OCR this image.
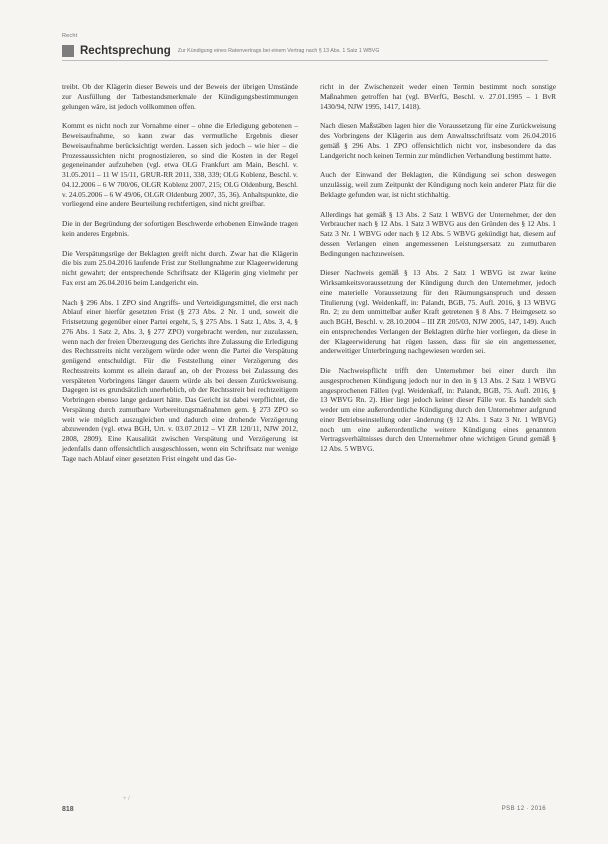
Recht
Rechtsprechung Zur Kündigung eines Ratenvertrags bei einem Vertrag nach § 13 Abs. 1 Satz 1 WBVG

treibt. Ob der Klägerin dieser Beweis und der Beweis der übrigen Umstände zur Ausfüllung der Tatbestandsmerkmale der Kündigungsbestimmungen gelungen wäre, ist jedoch vollkommen offen.

Kommt es nicht noch zur Vornahme einer – ohne die Erledigung gebotenen – Beweisaufnahme, so kann zwar das vermutliche Ergebnis dieser Beweisaufnahme berücksichtigt werden. Lassen sich jedoch – wie hier – die Prozessaussichten nicht prognostizieren, so sind die Kosten in der Regel gegeneinander aufzuheben (vgl. etwa OLG Frankfurt am Main, Beschl. v. 31.05.2011 – 11 W 15/11, GRUR-RR 2011, 338, 339; OLG Koblenz, Beschl. v. 04.12.2006 – 6 W 700/06, OLGR Koblenz 2007, 215; OLG Oldenburg, Beschl. v. 24.05.2006 – 6 W 49/06, OLGR Oldenburg 2007, 35, 36). Anhaltspunkte, die vorliegend eine andere Beurteilung rechtfertigen, sind nicht greifbar.

Die in der Begründung der sofortigen Beschwerde erhobenen Einwände tragen kein anderes Ergebnis.

Die Verspätungsrüge der Beklagten greift nicht durch. Zwar hat die Klägerin die bis zum 25.04.2016 laufende Frist zur Stellungnahme zur Klageerwiderung nicht gewahrt; der entsprechende Schriftsatz der Klägerin ging vielmehr per Fax erst am 26.04.2016 beim Landgericht ein.

Nach § 296 Abs. 1 ZPO sind Angriffs- und Verteidigungsmittel, die erst nach Ablauf einer hierfür gesetzten Frist (§ 273 Abs. 2 Nr. 1 und, soweit die Fristsetzung gegenüber einer Partei ergeht, 5, § 275 Abs. 1 Satz 1, Abs. 3, 4, § 276 Abs. 1 Satz 2, Abs. 3, § 277 ZPO) vorgebracht werden, nur zuzulassen, wenn nach der freien Überzeugung des Gerichts ihre Zulassung die Erledigung des Rechtsstreits nicht verzögern würde oder wenn die Partei die Verspätung genügend entschuldigt. Für die Feststellung einer Verzögerung des Rechtsstreits kommt es allein darauf an, ob der Prozess bei Zulassung des verspäteten Vorbringens länger dauern würde als bei dessen Zurückweisung. Dagegen ist es grundsätzlich unerheblich, ob der Rechtsstreit bei rechtzeitigem Vorbringen ebenso lange gedauert hätte. Das Gericht ist dabei verpflichtet, die Verspätung durch zumutbare Vorbereitungsmaßnahmen gem. § 273 ZPO so weit wie möglich auszugleichen und dadurch eine drohende Verzögerung abzuwenden (vgl. etwa BGH, Urt. v. 03.07.2012 – VI ZR 120/11, NJW 2012, 2808, 2809). Eine Kausalität zwischen Verspätung und Verzögerung ist jedenfalls dann offensichtlich ausgeschlossen, wenn ein Schriftsatz nur wenige Tage nach Ablauf einer gesetzten Frist eingeht und das Ge-

richt in der Zwischenzeit weder einen Termin bestimmt noch sonstige Maßnahmen getroffen hat (vgl. BVerfG, Beschl. v. 27.01.1995 – 1 BvR 1430/94, NJW 1995, 1417, 1418).

Nach diesen Maßstäben lagen hier die Voraussetzung für eine Zurückweisung des Vorbringens der Klägerin aus dem Anwaltsschriftsatz vom 26.04.2016 gemäß § 296 Abs. 1 ZPO offensichtlich nicht vor, insbesondere da das Landgericht noch keinen Termin zur mündlichen Verhandlung bestimmt hatte.

Auch der Einwand der Beklagten, die Kündigung sei schon deswegen unzulässig, weil zum Zeitpunkt der Kündigung noch kein anderer Platz für die Beklagte gefunden war, ist nicht stichhaltig.

Allerdings hat gemäß § 13 Abs. 2 Satz 1 WBVG der Unternehmer, der den Verbraucher nach § 12 Abs. 1 Satz 3 WBVG aus den Gründen des § 12 Abs. 1 Satz 3 Nr. 1 WBVG oder nach § 12 Abs. 5 WBVG gekündigt hat, diesem auf dessen Verlangen einen angemessenen Leistungsersatz zu zumutbaren Bedingungen nachzuweisen.

Dieser Nachweis gemäß § 13 Abs. 2 Satz 1 WBVG ist zwar keine Wirksamkeitsvoraussetzung der Kündigung durch den Unternehmer, jedoch eine materielle Voraussetzung für den Räumungsanspruch und dessen Titulierung (vgl. Weidenkaff, in: Palandt, BGB, 75. Aufl. 2016, § 13 WBVG Rn. 2; zu dem unmittelbar außer Kraft getretenen § 8 Abs. 7 Heimgesetz so auch BGH, Beschl. v. 28.10.2004 – III ZR 205/03, NJW 2005, 147, 149). Auch ein entsprechendes Verlangen der Beklagten dürfte hier vorliegen, da diese in der Klageerwiderung hat rügen lassen, dass für sie ein angemessener, anderweitiger Unterbringung nachgewiesen worden sei.

Die Nachweispflicht trifft den Unternehmer bei einer durch ihn ausgesprochenen Kündigung jedoch nur in den in § 13 Abs. 2 Satz 1 WBVG angesprochenen Fällen (vgl. Weidenkaff, in: Palandt, BGB, 75. Aufl. 2016, § 13 WBVG Rn. 2). Hier liegt jedoch keiner dieser Fälle vor. Es handelt sich weder um eine außerordentliche Kündigung durch den Unternehmer aufgrund einer Betriebseinstellung oder -änderung (§ 12 Abs. 1 Satz 3 Nr. 1 WBVG) noch um eine außerordentliche weitere Kündigung eines genannten Vertragsverhältnisses durch den Unternehmer ohne wichtigen Grund gemäß § 12 Abs. 5 WBVG.

818
+ /
PSB 12 · 2016
